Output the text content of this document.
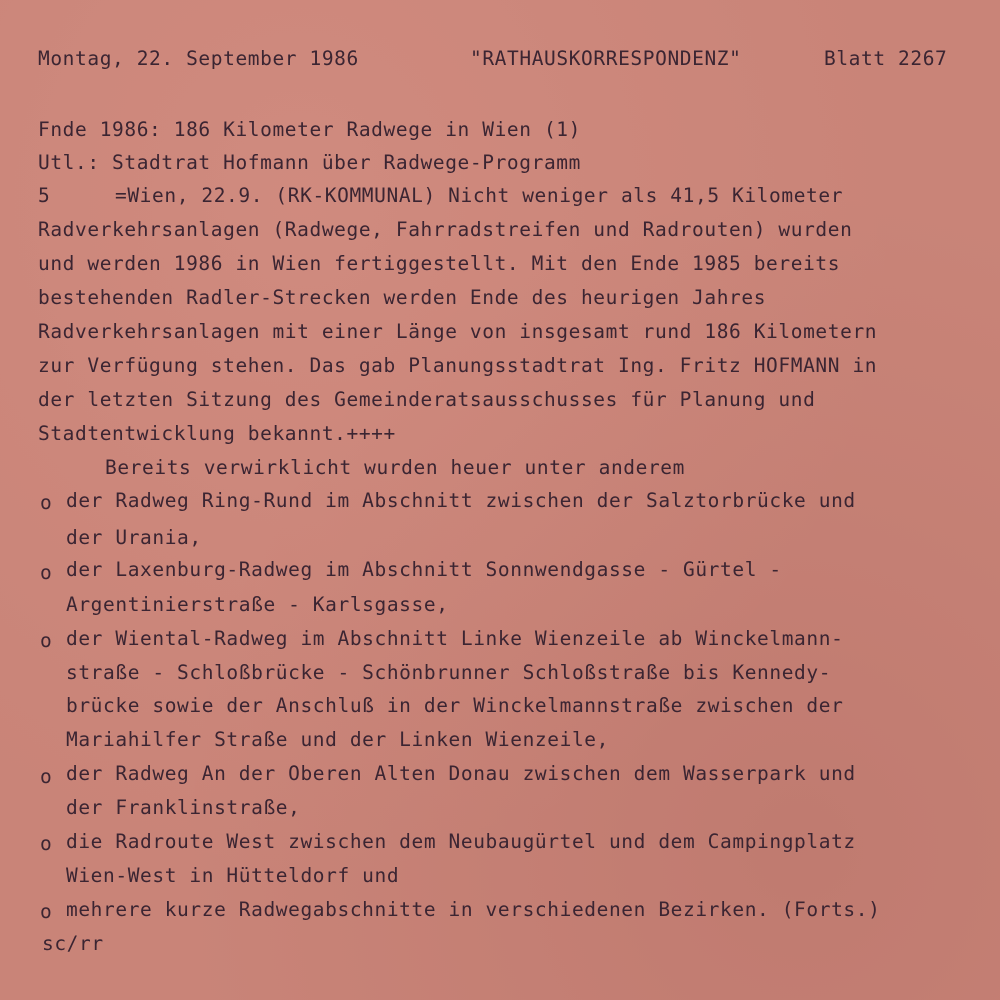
Montag, 22. September 1986	"RATHAUSKORRESPONDENZ"	Blatt 2267
Fnde 1986: 186 Kilometer Radwege in Wien (1)
Utl.: Stadtrat Hofmann über Radwege-Programm
5	=Wien, 22.9. (RK-KOMMUNAL) Nicht weniger als 41,5 Kilometer
Radverkehrsanlagen (Radwege, Fahrradstreifen und Radrouten) wurden
und werden 1986 in Wien fertiggestellt. Mit den Ende 1985 bereits
bestehenden Radler-Strecken werden Ende des heurigen Jahres
Radverkehrsanlagen mit einer Länge von insgesamt rund 186 Kilometern
zur Verfügung stehen. Das gab Planungsstadtrat Ing. Fritz HOFMANN in
der letzten Sitzung des Gemeinderatsausschusses für Planung und
Stadtentwicklung bekannt.++++
Bereits verwirklicht wurden heuer unter anderem
o der Radweg Ring-Rund im Abschnitt zwischen der Salztorbrücke und
der Urania,
o der Laxenburg-Radweg im Abschnitt Sonnwendgasse - Gürtel -
Argentinierstraße - Karlsgasse,
o der Wiental-Radweg im Abschnitt Linke Wienzeile ab Winckelmann-
straße - Schloßbrücke - Schönbrunner Schloßstraße bis Kennedy-
brücke sowie der Anschluß in der Winckelmannstraße zwischen der
Mariahilfer Straße und der Linken Wienzeile,
o der Radweg An der Oberen Alten Donau zwischen dem Wasserpark und
der Franklinstraße,
o die Radroute West zwischen dem Neubaugürtel und dem Campingplatz
Wien-West in Hütteldorf und
o mehrere kurze Radwegabschnitte in verschiedenen Bezirken. (Forts.)
sc/rr
